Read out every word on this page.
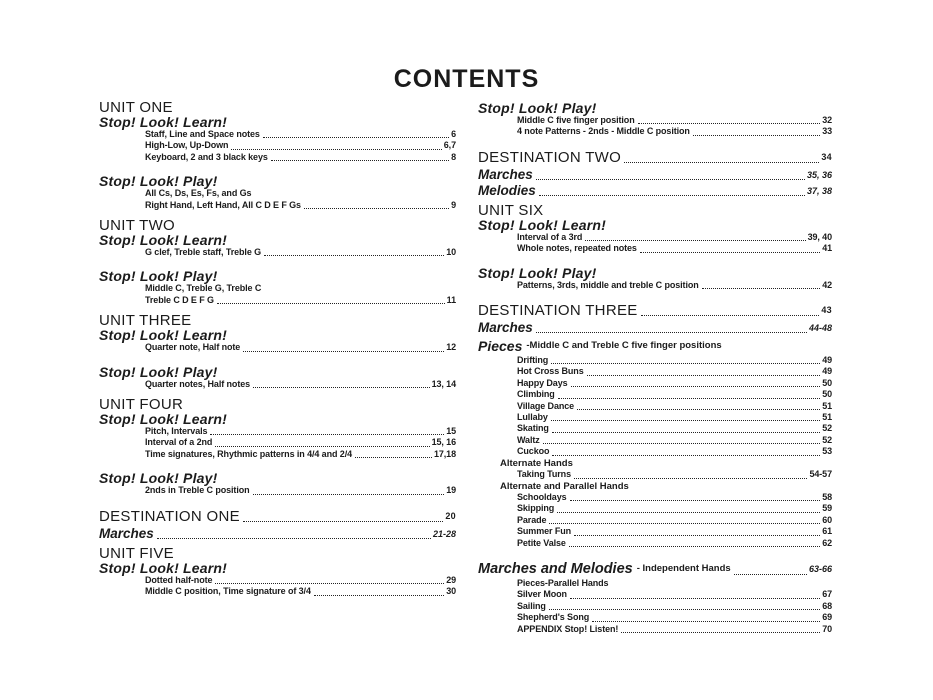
CONTENTS
UNIT ONE
Stop! Look! Learn!
Staff, Line and Space notes	6
High-Low, Up-Down	6,7
Keyboard, 2 and 3 black keys	8
Stop! Look! Play!
All Cs, Ds, Es, Fs, and Gs
Right Hand, Left Hand, All C D E F Gs	9
UNIT TWO
Stop! Look! Learn!
G clef, Treble staff, Treble G	10
Stop! Look! Play!
Middle C, Treble G, Treble C
Treble C D E F G	11
UNIT THREE
Stop! Look! Learn!
Quarter note, Half note	12
Stop! Look! Play!
Quarter notes, Half notes	13, 14
UNIT FOUR
Stop! Look! Learn!
Pitch, Intervals	15
Interval of a 2nd	15, 16
Time signatures, Rhythmic patterns in 4/4 and 2/4	17,18
Stop! Look! Play!
2nds in Treble C position	19
DESTINATION ONE	20
Marches	21-28
UNIT FIVE
Stop! Look! Learn!
Dotted half-note	29
Middle C position, Time signature of 3/4	30
Stop! Look! Play!
Middle C five finger position	32
4 note Patterns - 2nds - Middle C position	33
DESTINATION TWO	34
Marches	35, 36
Melodies	37, 38
UNIT SIX
Stop! Look! Learn!
Interval of a 3rd	39, 40
Whole notes, repeated notes	41
Stop! Look! Play!
Patterns, 3rds, middle and treble C position	42
DESTINATION THREE	43
Marches	44-48
Pieces -Middle C and Treble C five finger positions
Drifting	49
Hot Cross Buns	49
Happy Days	50
Climbing	50
Village Dance	51
Lullaby	51
Skating	52
Waltz	52
Cuckoo	53
Alternate Hands
Taking Turns	54-57
Alternate and Parallel Hands
Schooldays	58
Skipping	59
Parade	60
Summer Fun	61
Petite Valse	62
Marches and Melodies - Independent Hands	63-66
Pieces-Parallel Hands
Silver Moon	67
Sailing	68
Shepherd's Song	69
APPENDIX Stop! Listen!	70
